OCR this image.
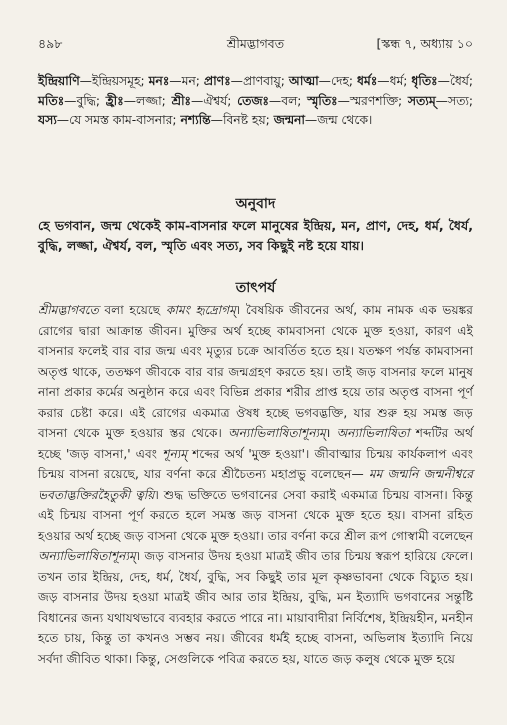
৪৯৮	শ্রীমদ্ভাগবত	[স্কন্ধ ৭, অধ্যায় ১০
ইন্দ্রিয়াণি—ইন্দ্রিয়সমূহ; মনঃ—মন; প্রাণঃ—প্রাণবায়ু; আত্মা—দেহ; ধর্মঃ—ধর্ম; ধৃতিঃ—ধৈর্য; মতিঃ—বুদ্ধি; হ্রীঃ—লজ্জা; শ্রীঃ—ঐশ্বর্য; তেজঃ—বল; স্মৃতিঃ—স্মরণশক্তি; সত্যম্—সত্য; যস্য—যে সমস্ত কাম-বাসনার; নশ্যন্তি—বিনষ্ট হয়; জন্মনা—জন্ম থেকে।
অনুবাদ
হে ভগবান, জন্ম থেকেই কাম-বাসনার ফলে মানুষের ইন্দ্রিয়, মন, প্রাণ, দেহ, ধর্ম, ধৈর্য, বুদ্ধি, লজ্জা, ঐশ্বর্য, বল, স্মৃতি এবং সত্য, সব কিছুই নষ্ট হয়ে যায়।
তাৎপর্য
শ্রীমদ্ভাগবতে বলা হয়েছে কামং হৃদ্রোগম্। বৈষয়িক জীবনের অর্থ, কাম নামক এক ভয়ঙ্কর রোগের দ্বারা আক্রান্ত জীবন। মুক্তির অর্থ হচ্ছে কামবাসনা থেকে মুক্ত হওয়া, কারণ এই বাসনার ফলেই বার বার জন্ম এবং মৃত্যুর চক্রে আবর্তিত হতে হয়। যতক্ষণ পর্যন্ত কামবাসনা অতৃপ্ত থাকে, ততক্ষণ জীবকে বার বার জন্মগ্রহণ করতে হয়। তাই জড় বাসনার ফলে মানুষ নানা প্রকার কর্মের অনুষ্ঠান করে এবং বিভিন্ন প্রকার শরীর প্রাপ্ত হয়ে তার অতৃপ্ত বাসনা পূর্ণ করার চেষ্টা করে। এই রোগের একমাত্র ঔষধ হচ্ছে ভগবদ্ভক্তি, যার শুরু হয় সমস্ত জড় বাসনা থেকে মুক্ত হওয়ার স্তর থেকে। অন্যাভিলাষিতাশূন্যম্। অন্যাভিলাষিতা শব্দটির অর্থ হচ্ছে 'জড় বাসনা,' এবং শূন্যম্ শব্দের অর্থ 'মুক্ত হওয়া'। জীবাত্মার চিন্ময় কার্যকলাপ এবং চিন্ময় বাসনা রয়েছে, যার বর্ণনা করে শ্রীচৈতন্য মহাপ্রভু বলেছেন— মম জন্মনি জন্মনীশ্বরে ভবতাদ্ভক্তিরহৈতুকী ত্বয়ি। শুদ্ধ ভক্তিতে ভগবানের সেবা করাই একমাত্র চিন্ময় বাসনা। কিন্তু এই চিন্ময় বাসনা পূর্ণ করতে হলে সমস্ত জড় বাসনা থেকে মুক্ত হতে হয়। বাসনা রহিত হওয়ার অর্থ হচ্ছে জড় বাসনা থেকে মুক্ত হওয়া। তার বর্ণনা করে শ্রীল রূপ গোস্বামী বলেছেন অন্যাভিলাষিতাশূন্যম্। জড় বাসনার উদয় হওয়া মাত্রই জীব তার চিন্ময় স্বরূপ হারিয়ে ফেলে। তখন তার ইন্দ্রিয়, দেহ, ধর্ম, ধৈর্য, বুদ্ধি, সব কিছুই তার মূল কৃষ্ণভাবনা থেকে বিচ্যুত হয়। জড় বাসনার উদয় হওয়া মাত্রই জীব আর তার ইন্দ্রিয়, বুদ্ধি, মন ইত্যাদি ভগবানের সন্তুষ্টি বিধানের জন্য যথাযথভাবে ব্যবহার করতে পারে না। মায়াবাদীরা নির্বিশেষ, ইন্দ্রিয়হীন, মনহীন হতে চায়, কিন্তু তা কখনও সম্ভব নয়। জীবের ধর্মই হচ্ছে বাসনা, অভিলাষ ইত্যাদি নিয়ে সর্বদা জীবিত থাকা। কিন্তু, সেগুলিকে পবিত্র করতে হয়, যাতে জড় কলুষ থেকে মুক্ত হয়ে
